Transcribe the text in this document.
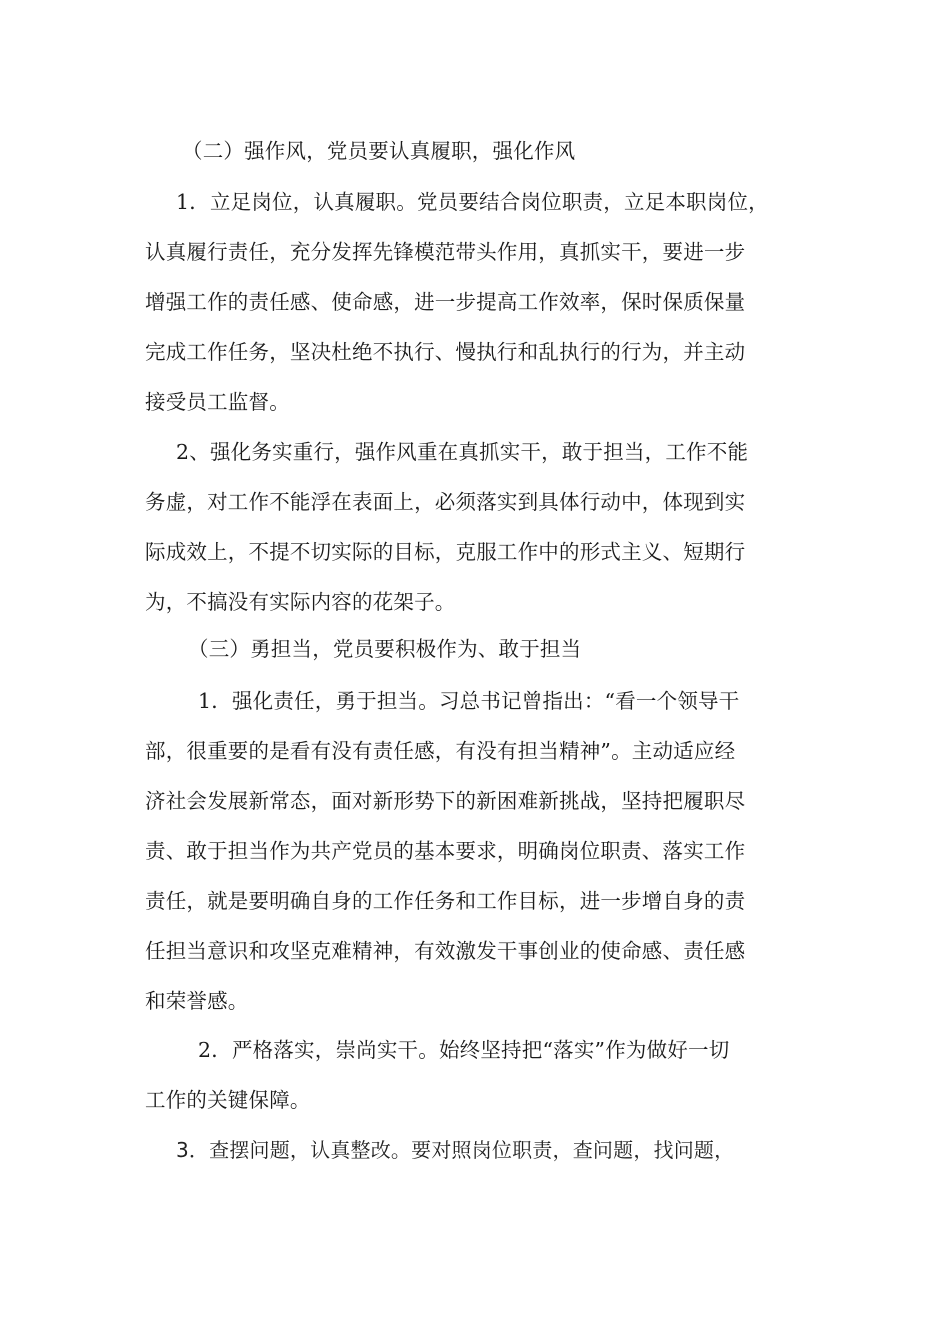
（二）强作风，党员要认真履职，强化作风
1．立足岗位，认真履职。党员要结合岗位职责，立足本职岗位，
认真履行责任，充分发挥先锋模范带头作用，真抓实干，要进一步
增强工作的责任感、使命感，进一步提高工作效率，保时保质保量
完成工作任务，坚决杜绝不执行、慢执行和乱执行的行为，并主动
接受员工监督。
2、强化务实重行，强作风重在真抓实干，敢于担当，工作不能
务虚，对工作不能浮在表面上，必须落实到具体行动中，体现到实
际成效上，不提不切实际的目标，克服工作中的形式主义、短期行
为，不搞没有实际内容的花架子。
（三）勇担当，党员要积极作为、敢于担当
1．强化责任，勇于担当。习总书记曾指出：“看一个领导干
部，很重要的是看有没有责任感，有没有担当精神”。主动适应经
济社会发展新常态，面对新形势下的新困难新挑战，坚持把履职尽
责、敢于担当作为共产党员的基本要求，明确岗位职责、落实工作
责任，就是要明确自身的工作任务和工作目标，进一步增自身的责
任担当意识和攻坚克难精神，有效激发干事创业的使命感、责任感
和荣誉感。
2．严格落实，崇尚实干。始终坚持把“落实”作为做好一切
工作的关键保障。
3．查摆问题，认真整改。要对照岗位职责，查问题，找问题，
